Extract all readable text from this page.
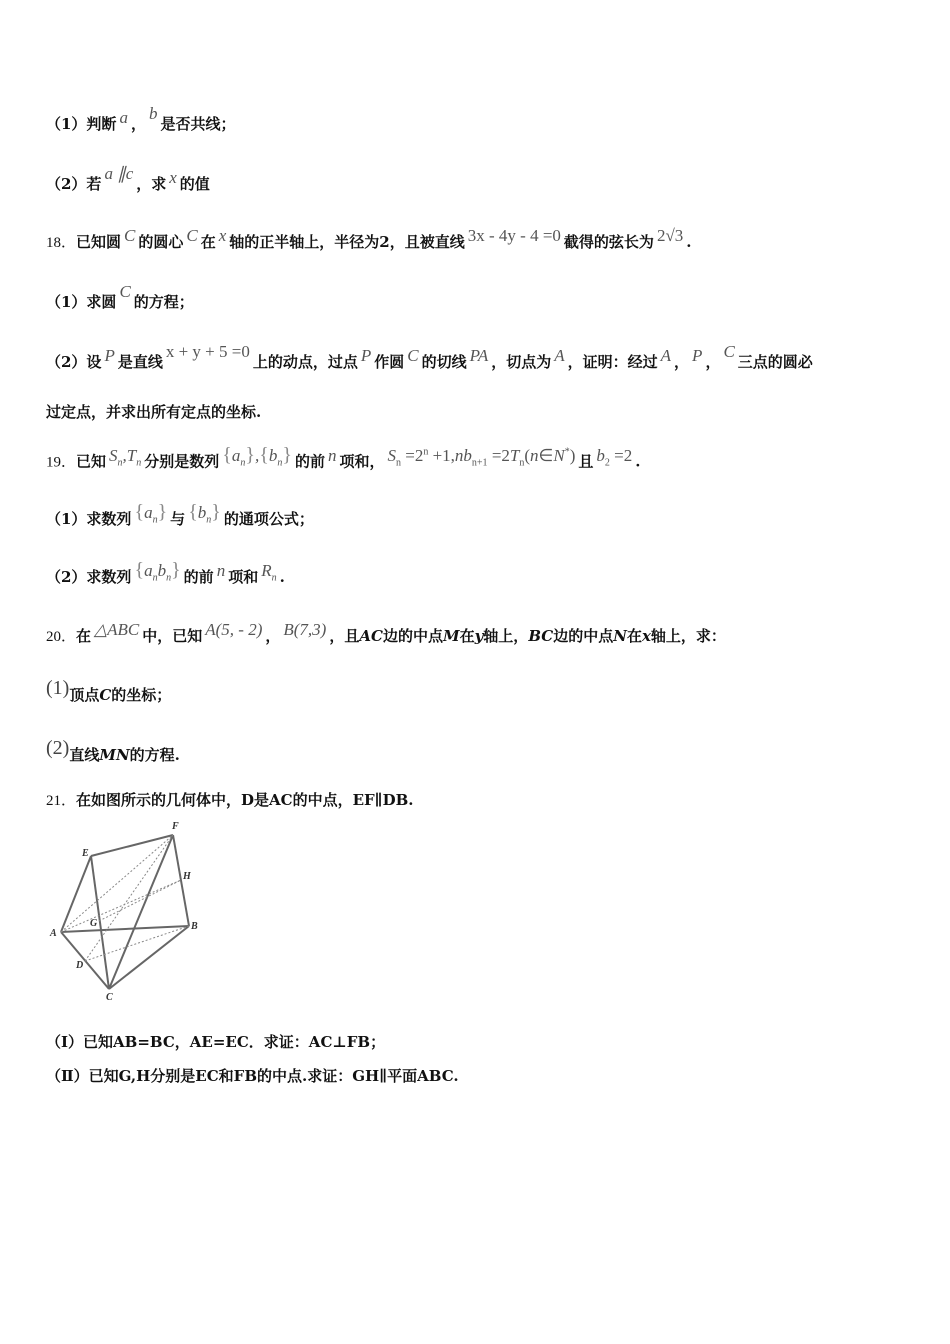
（1）判断 a ，b是否共线；
（2）若a ∥c，求 x 的值
18．已知圆 C 的圆心 C 在 x 轴的正半轴上，半径为2，且被直线 3x - 4y - 4 =0 截得的弦长为 2√3 .
（1）求圆C的方程；
（2）设 P 是直线x + y + 5 =0上的动点，过点 P 作圆 C 的切线 PA ，切点为 A ，证明：经过 A ， P ，C三点的圆必
过定点，并求出所有定点的坐标.
19．已知 $S_n,T_n$ 分别是数列 $\{a_n\},\{b_n\}$ 的前 n 项和， $S_n =2^n +1,nb_{n+1}$ $=2T_n(n\in N^*)$ 且 $b_2 =2$ .
（1）求数列 $\{a_n\}$ 与 $\{b_n\}$ 的通项公式；
（2）求数列 $\{a_nb_n\}$ 的前 n 项和 $R_n$ .
20．在 △ABC 中，已知 A(5, - 2) ， B(7,3) ，且AC边的中点M在y轴上，BC边的中点N在x轴上，求：
(1)顶点C的坐标；
(2)直线MN的方程.
21．在如图所示的几何体中，D是AC的中点，EF∥DB.
F
E
H
G
A
B
D
C
（Ⅰ）已知AB=BC，AE=EC．求证：AC⊥FB；
（Ⅱ）已知G,H分别是EC和FB的中点.求证：GH∥平面ABC.
